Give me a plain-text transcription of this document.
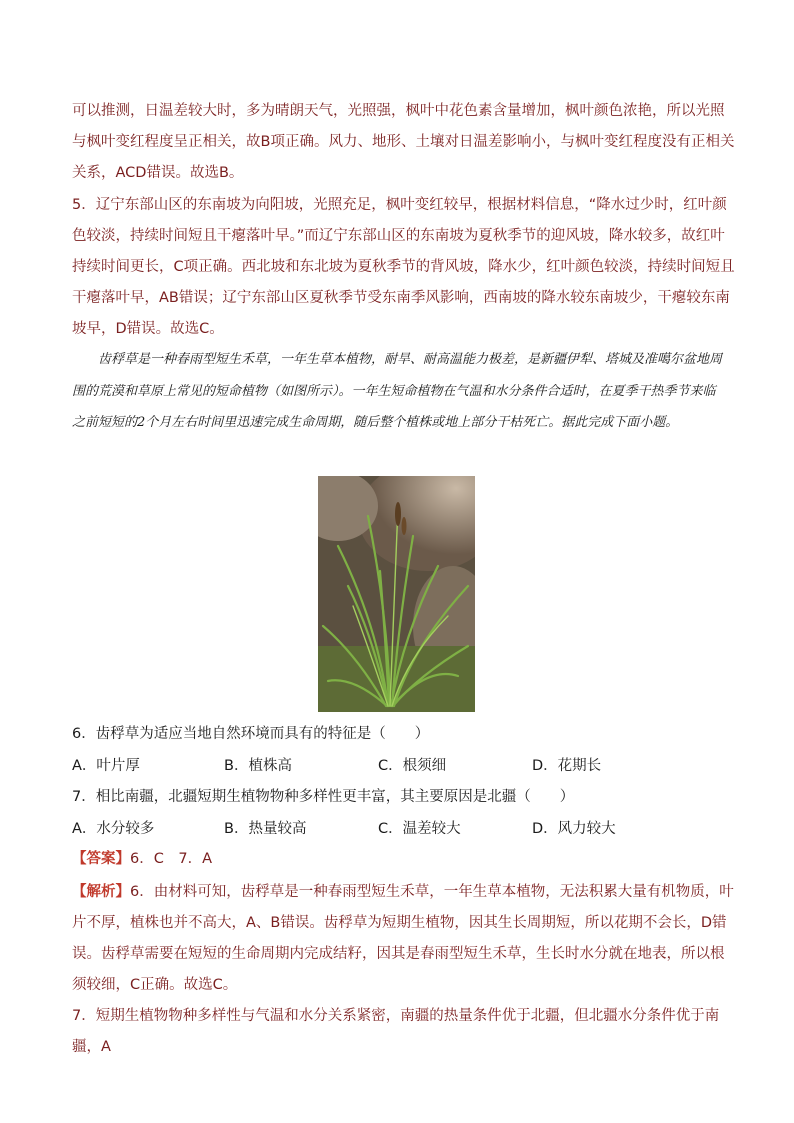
可以推测，日温差较大时，多为晴朗天气，光照强，枫叶中花色素含量增加，枫叶颜色浓艳，所以光照与枫叶变红程度呈正相关，故B项正确。风力、地形、土壤对日温差影响小，与枫叶变红程度没有正相关关系，ACD错误。故选B。

5．辽宁东部山区的东南坡为向阳坡，光照充足，枫叶变红较早，根据材料信息，“降水过少时，红叶颜色较淡，持续时间短且干瘪落叶早。”而辽宁东部山区的东南坡为夏秋季节的迎风坡，降水较多，故红叶持续时间更长，C项正确。西北坡和东北坡为夏秋季节的背风坡，降水少，红叶颜色较淡，持续时间短且干瘪落叶早，AB错误；辽宁东部山区夏秋季节受东南季风影响，西南坡的降水较东南坡少，干瘪较东南坡早，D错误。故选C。

齿稃草是一种春雨型短生禾草，一年生草本植物，耐旱、耐高温能力极差，是新疆伊犁、塔城及准噶尔盆地周围的荒漠和草原上常见的短命植物（如图所示）。一年生短命植物在气温和水分条件合适时，在夏季干热季节来临之前短短的2个月左右时间里迅速完成生命周期，随后整个植株或地上部分干枯死亡。据此完成下面小题。

6．齿稃草为适应当地自然环境而具有的特征是（　　）
A．叶片厚	B．植株高	C．根须细	D．花期长
7．相比南疆，北疆短期生植物物种多样性更丰富，其主要原因是北疆（　　）
A．水分较多	B．热量较高	C．温差较大	D．风力较大
【答案】6．C　7．A

【解析】6．由材料可知，齿稃草是一种春雨型短生禾草，一年生草本植物，无法积累大量有机物质，叶片不厚，植株也并不高大，A、B错误。齿稃草为短期生植物，因其生长周期短，所以花期不会长，D错误。齿稃草需要在短短的生命周期内完成结籽，因其是春雨型短生禾草，生长时水分就在地表，所以根须较细，C正确。故选C。

7．短期生植物物种多样性与气温和水分关系紧密，南疆的热量条件优于北疆，但北疆水分条件优于南疆，A
